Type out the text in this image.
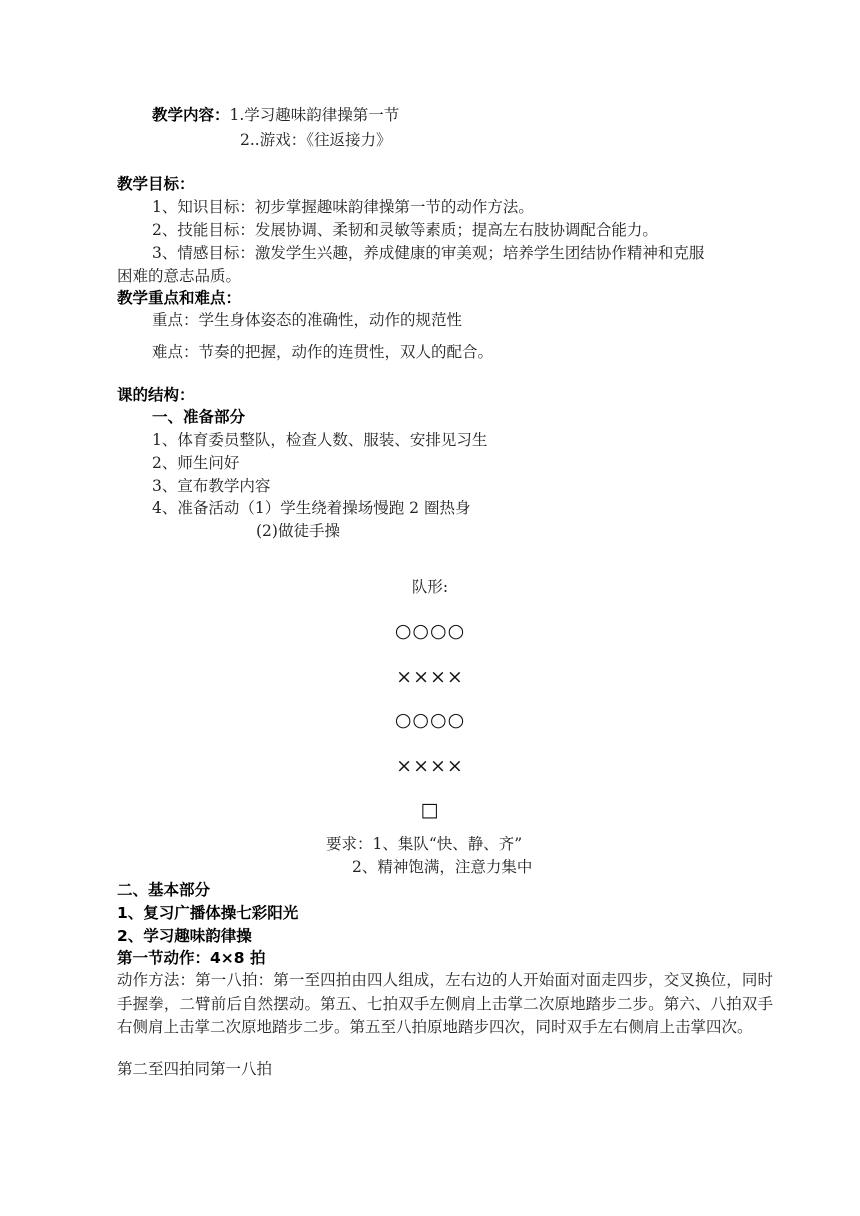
教学内容：1.学习趣味韵律操第一节
2..游戏：《往返接力》
教学目标：
1、知识目标：初步掌握趣味韵律操第一节的动作方法。
2、技能目标：发展协调、柔韧和灵敏等素质；提高左右肢协调配合能力。
3、情感目标：激发学生兴趣，养成健康的审美观；培养学生团结协作精神和克服
困难的意志品质。
教学重点和难点：
重点：学生身体姿态的准确性，动作的规范性
难点：节奏的把握，动作的连贯性，双人的配合。
课的结构：
一、准备部分
1、体育委员整队，检查人数、服装、安排见习生
2、师生问好
3、宣布教学内容
4、准备活动（1）学生绕着操场慢跑 2 圈热身
(2)做徒手操
队形:
○○○○
××××
○○○○
××××
□
要求：1、集队“快、静、齐”
2、精神饱满，注意力集中
二、基本部分
1、复习广播体操七彩阳光
2、学习趣味韵律操
第一节动作：4×8 拍
动作方法：第一八拍：第一至四拍由四人组成，左右边的人开始面对面走四步，交叉换位，同时手握拳，二臂前后自然摆动。第五、七拍双手左侧肩上击掌二次原地踏步二步。第六、八拍双手右侧肩上击掌二次原地踏步二步。第五至八拍原地踏步四次，同时双手左右侧肩上击掌四次。
第二至四拍同第一八拍
